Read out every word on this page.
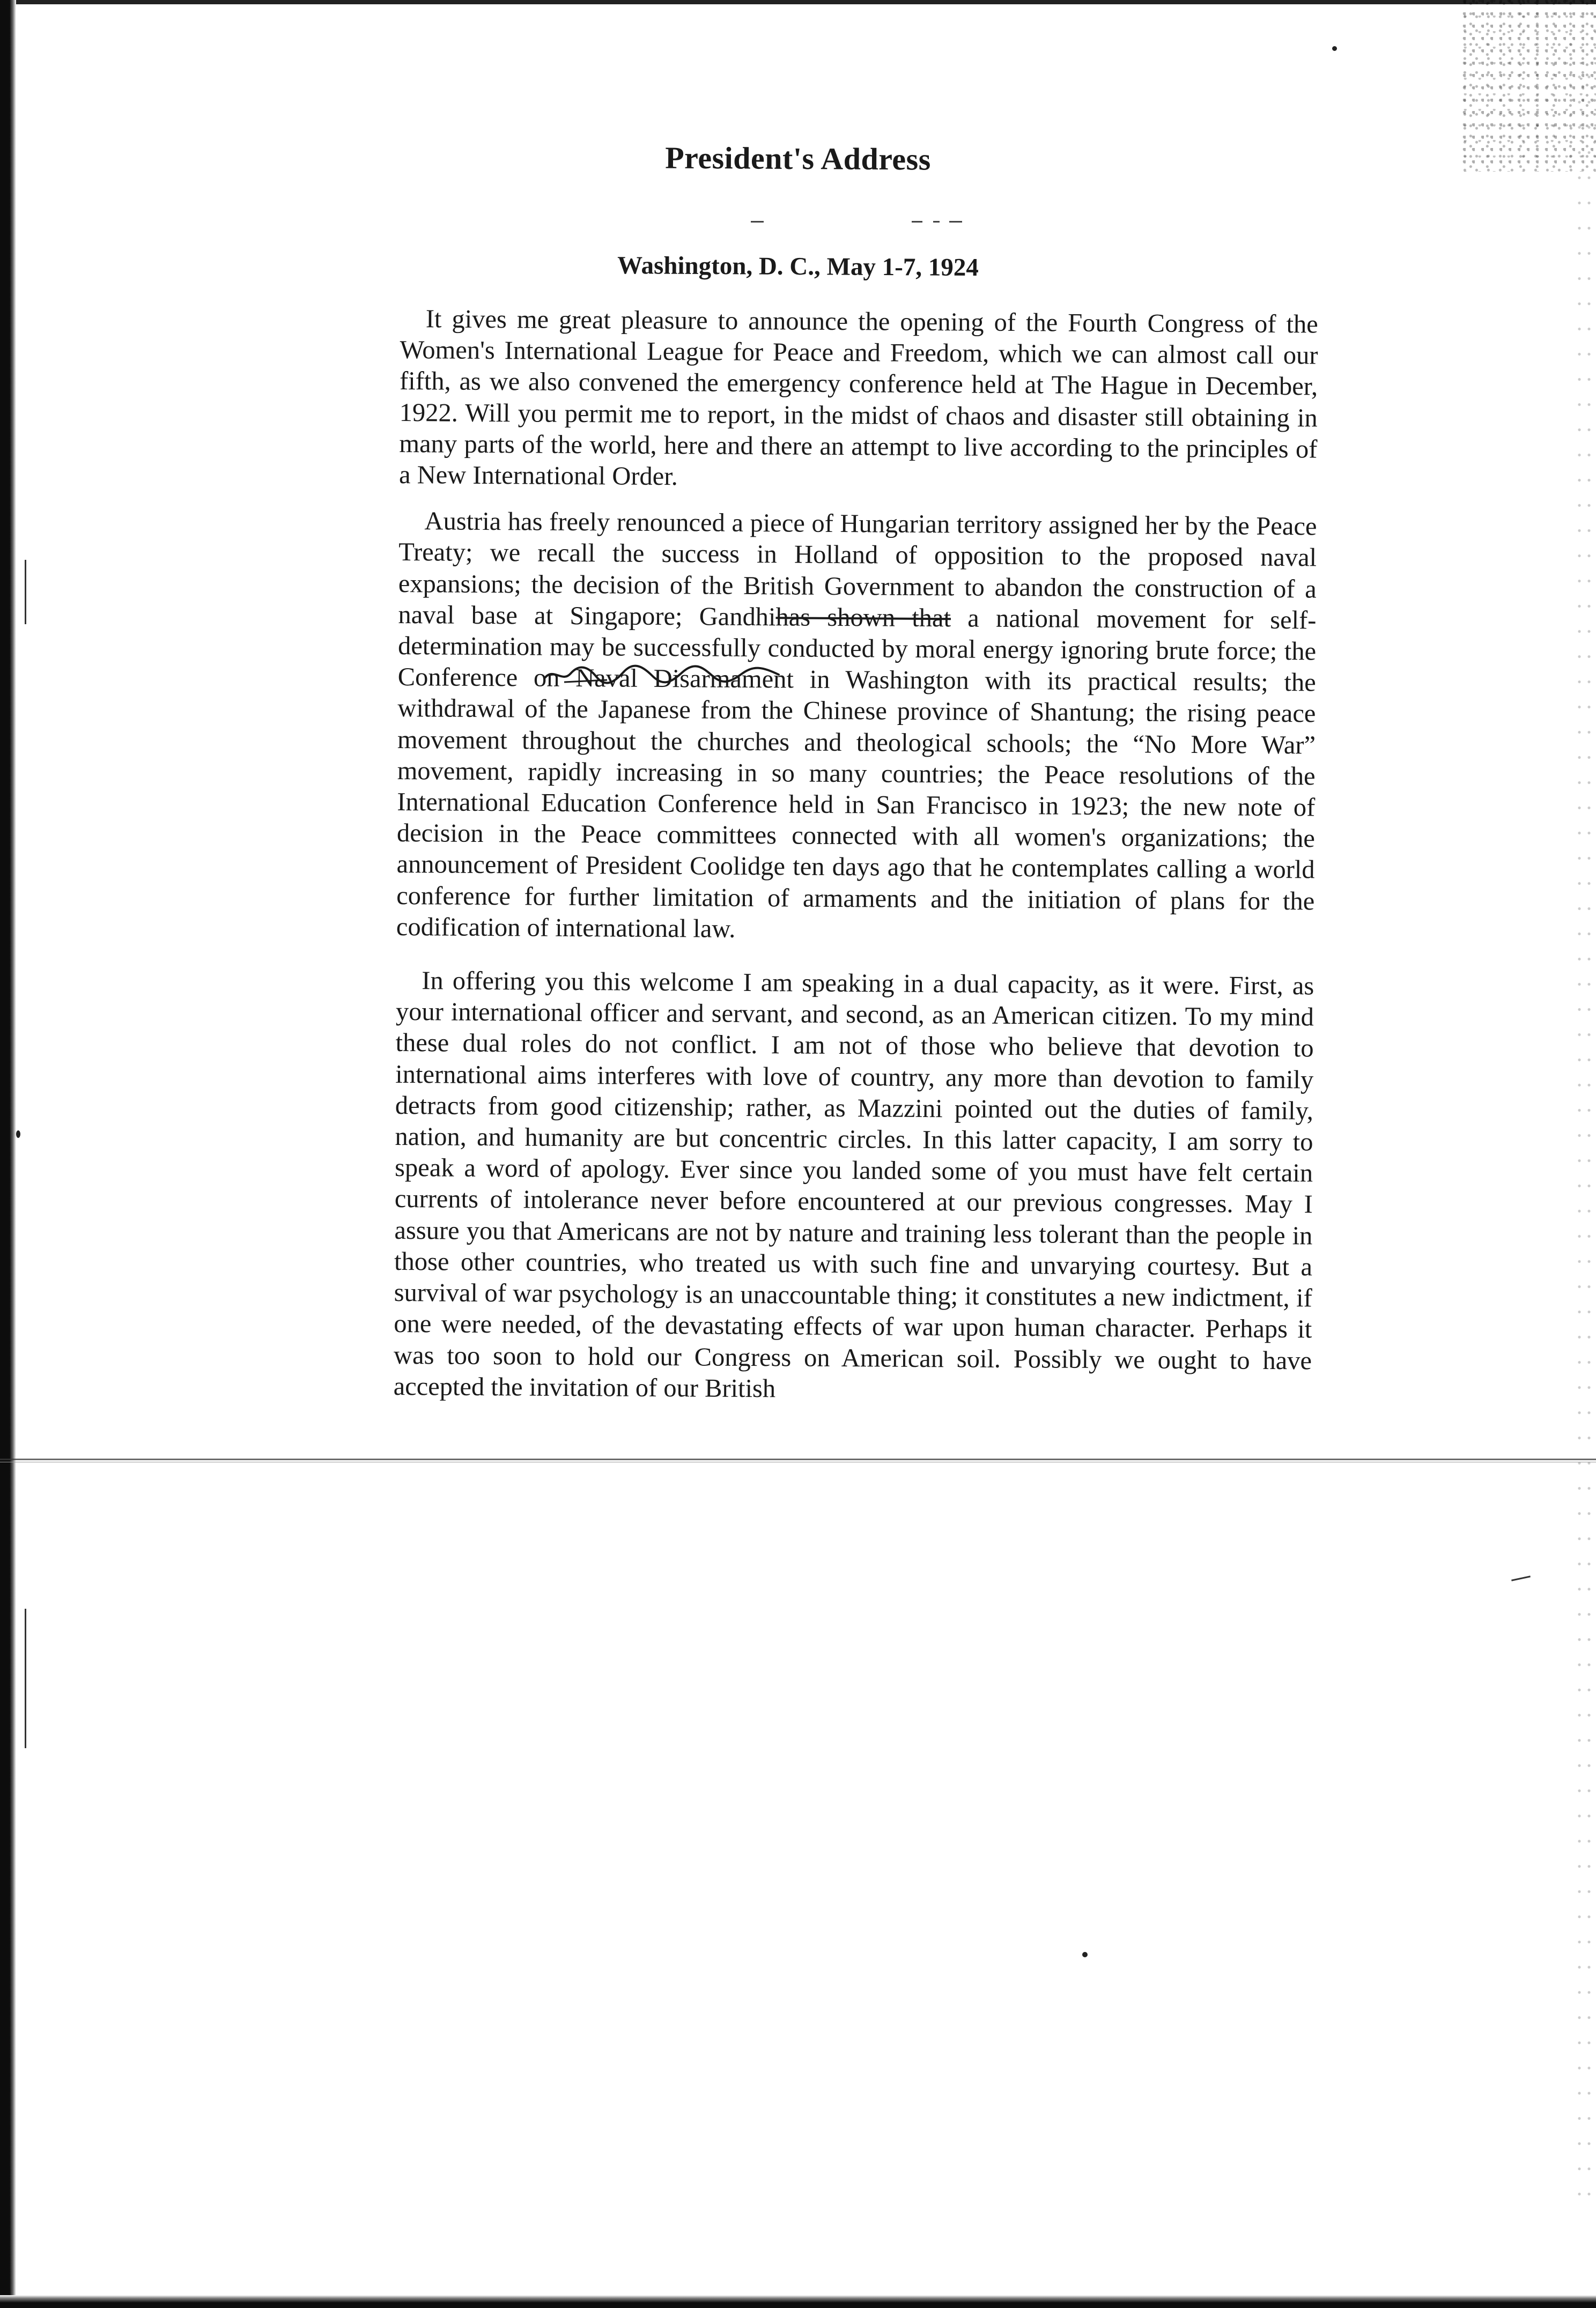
President's Address
Washington, D. C., May 1-7, 1924

It gives me great pleasure to announce the opening of the Fourth Congress of the Women's International League for Peace and Freedom, which we can almost call our fifth, as we also convened the emergency conference held at The Hague in December, 1922. Will you permit me to report, in the midst of chaos and disaster still obtaining in many parts of the world, here and there an attempt to live according to the principles of a New International Order.

Austria has freely renounced a piece of Hungarian territory assigned her by the Peace Treaty; we recall the success in Holland of opposition to the proposed naval expansions; the decision of the British Government to abandon the construction of a naval base at Singapore; Gandhihas shown that a national movement for self-determination may be successfully conducted by moral energy ignoring brute force; the Conference on Naval Disarmament in Washington with its practical results; the withdrawal of the Japanese from the Chinese province of Shantung; the rising peace movement throughout the churches and theological schools; the “No More War” movement, rapidly increasing in so many countries; the Peace resolutions of the International Education Conference held in San Francisco in 1923; the new note of decision in the Peace committees connected with all women's organizations; the announcement of President Coolidge ten days ago that he contemplates calling a world conference for further limitation of armaments and the initiation of plans for the codification of international law.

In offering you this welcome I am speaking in a dual capacity, as it were. First, as your international officer and servant, and second, as an American citizen. To my mind these dual roles do not conflict. I am not of those who believe that devotion to international aims interferes with love of country, any more than devotion to family detracts from good citizenship; rather, as Mazzini pointed out the duties of family, nation, and humanity are but concentric circles. In this latter capacity, I am sorry to speak a word of apology. Ever since you landed some of you must have felt certain currents of intolerance never before encountered at our previous congresses. May I assure you that Americans are not by nature and training less tolerant than the people in those other countries, who treated us with such fine and unvarying courtesy. But a survival of war psychology is an unaccountable thing; it constitutes a new indictment, if one were needed, of the devastating effects of war upon human character. Perhaps it was too soon to hold our Congress on American soil. Possibly we ought to have accepted the invitation of our British
